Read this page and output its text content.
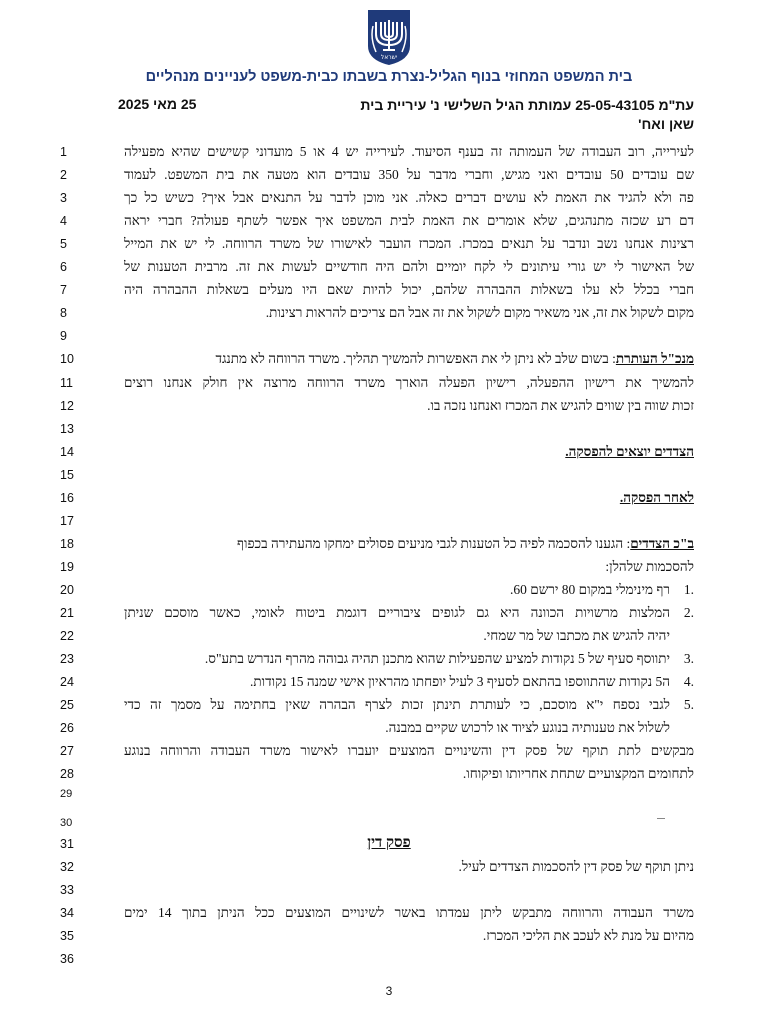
ישראל
בית המשפט המחוזי בנוף הגליל-נצרת בשבתו כבית-משפט לעניינים מנהליים
עת"מ 25-05-43105 עמותת הגיל השלישי נ' עיריית בית
שאן ואח'
25 מאי 2025
1	לעירייה, רוב העבודה של העמותה זה בענף הסיעוד. לעירייה יש 4 או 5 מועדוני קשישים שהיא מפעילה
2	שם עובדים 50 עובדים ואני מגיש, וחברי מדבר על 350 עובדים הוא מטעה את בית המשפט. לעמוד
3	פה ולא להגיד את האמת לא עושים דברים כאלה. אני מוכן לדבר על התנאים אבל איך? כשיש כל כך
4	דם רע שכזה מתנהגים, שלא אומרים את האמת לבית המשפט איך אפשר לשתף פעולה? חברי יראה
5	רצינות אנחנו נשב ונדבר על תנאים במכרז. המכרז הועבר לאישורו של משרד הרווחה. לי יש את המייל
6	של האישור לי יש גורי עיתונים לי לקח יומיים ולהם היה חודשיים לעשות את זה. מרבית הטענות של
7	חברי בכלל לא עלו בשאלות ההבהרה שלהם, יכול להיות שאם היו מעלים בשאלות ההבהרה היה
8	מקום לשקול את זה, אני משאיר מקום לשקול את זה אבל הם צריכים להראות רצינות.
9
10	מנכ"ל העותרת: בשום שלב לא ניתן לי את האפשרות להמשיך תהליך. משרד הרווחה לא מתנגד
11	להמשיך את רישיון ההפעלה, רישיון הפעלה הוארך משרד הרווחה מרוצה אין חולק אנחנו רוצים
12	זכות שווה בין שווים להגיש את המכרז ואנחנו נזכה בו.
13
14	הצדדים יוצאים להפסקה.
15
16	לאחר הפסקה.
17
18	ב"כ הצדדים: הגענו להסכמה לפיה כל הטענות לגבי מניעים פסולים ימחקו מהעתירה בכפוף
19	להסכמות שלהלן:
20	1.
רף מינימלי במקום 80 ירשם 60.
21	2.
המלצות מרשויות הכוונה היא גם לגופים ציבוריים דוגמת ביטוח לאומי, כאשר מוסכם שניתן
22	יהיה להגיש את מכתבו של מר שמחי.
23	3.
יתווסף סעיף של 5 נקודות למציע שהפעילות שהוא מתכנן תהיה גבוהה מהרף הנדרש בתע"ס.
24	4.
ה5 נקודות שהתווספו בהתאם לסעיף 3 לעיל יופחתו מהראיון אישי שמנה 15 נקודות.
25	5.
לגבי נספח י"א מוסכם, כי לעותרת תינתן זכות לצרף הבהרה שאין בחתימה על מסמך זה כדי
26	לשלול את טענותיה בנוגע לציוד או לרכוש שקיים במבנה.
27	מבקשים לתת תוקף של פסק דין והשינויים המוצעים יועברו לאישור משרד העבודה והרווחה בנוגע
28	לתחומים המקצועיים שתחת אחריותו ופיקוחו.
29
30
31	פסק דין
32	ניתן תוקף של פסק דין להסכמות הצדדים לעיל.
33
34	משרד העבודה והרווחה מתבקש ליתן עמדתו באשר לשינויים המוצעים ככל הניתן בתוך 14 ימים
35	מהיום על מנת לא לעכב את הליכי המכרז.
36
3
